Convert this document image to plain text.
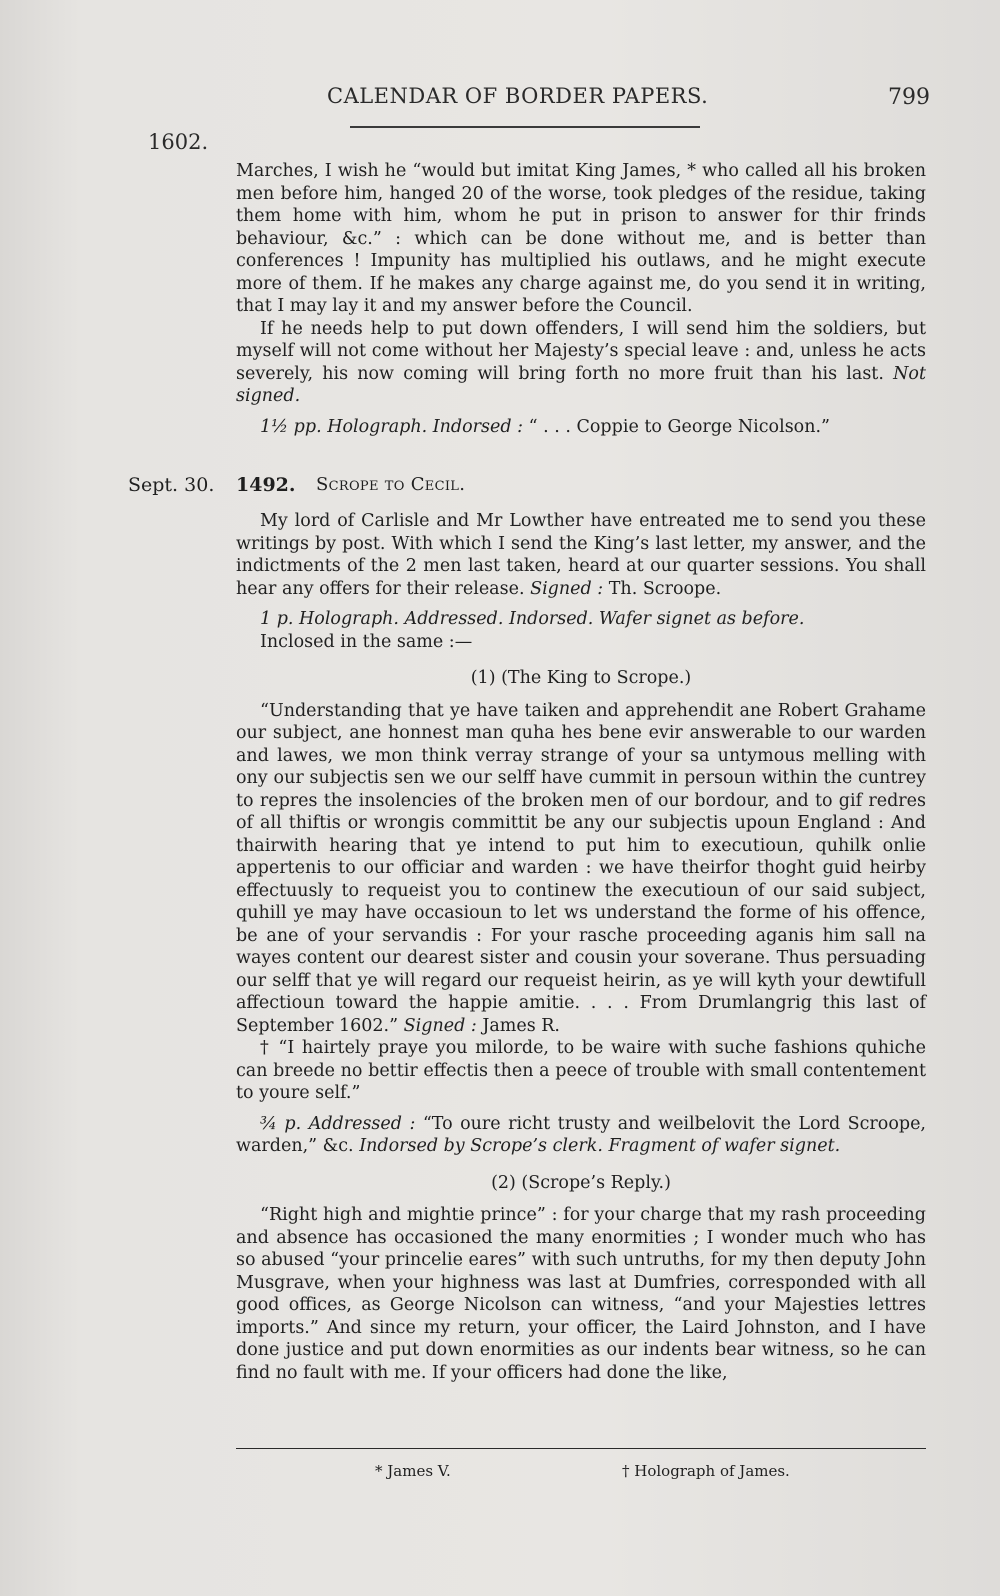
CALENDAR OF BORDER PAPERS.	799
1602.

Marches, I wish he “would but imitat King James, * who called all his broken men before him, hanged 20 of the worse, took pledges of the residue, taking them home with him, whom he put in prison to answer for thir frinds behaviour, &c.” : which can be done without me, and is better than conferences ! Impunity has multiplied his outlaws, and he might execute more of them. If he makes any charge against me, do you send it in writing, that I may lay it and my answer before the Council.

If he needs help to put down offenders, I will send him the soldiers, but myself will not come without her Majesty’s special leave : and, unless he acts severely, his now coming will bring forth no more fruit than his last. Not signed.

1½ pp. Holograph. Indorsed : “ . . . Coppie to George Nicolson.”

Sept. 30. 1492. Scrope to Cecil.

My lord of Carlisle and Mr Lowther have entreated me to send you these writings by post. With which I send the King’s last letter, my answer, and the indictments of the 2 men last taken, heard at our quarter sessions. You shall hear any offers for their release. Signed : Th. Scroope.

1 p. Holograph. Addressed. Indorsed. Wafer signet as before.

Inclosed in the same :—

(1) (The King to Scrope.)

“Understanding that ye have taiken and apprehendit ane Robert Grahame our subject, ane honnest man quha hes bene evir answerable to our warden and lawes, we mon think verray strange of your sa untymous melling with ony our subjectis sen we our selff have cummit in persoun within the cuntrey to repres the insolencies of the broken men of our bordour, and to gif redres of all thiftis or wrongis committit be any our subjectis upoun England : And thairwith hearing that ye intend to put him to executioun, quhilk onlie appertenis to our officiar and warden : we have theirfor thoght guid heirby effectuusly to requeist you to continew the executioun of our said subject, quhill ye may have occasioun to let ws understand the forme of his offence, be ane of your servandis : For your rasche proceeding aganis him sall na wayes content our dearest sister and cousin your soverane. Thus persuading our selff that ye will regard our requeist heirin, as ye will kyth your dewtifull affectioun toward the happie amitie. . . . From Drumlangrig this last of September 1602.” Signed : James R.

† “I hairtely praye you milorde, to be waire with suche fashions quhiche can breede no bettir effectis then a peece of trouble with small contentement to youre self.”

¾ p. Addressed : “To oure richt trusty and weilbelovit the Lord Scroope, warden,” &c. Indorsed by Scrope’s clerk. Fragment of wafer signet.

(2) (Scrope’s Reply.)

“Right high and mightie prince” : for your charge that my rash proceeding and absence has occasioned the many enormities ; I wonder much who has so abused “your princelie eares” with such untruths, for my then deputy John Musgrave, when your highness was last at Dumfries, corresponded with all good offices, as George Nicolson can witness, “and your Majesties lettres imports.” And since my return, your officer, the Laird Johnston, and I have done justice and put down enormities as our indents bear witness, so he can find no fault with me. If your officers had done the like,

* James V.	† Holograph of James.
